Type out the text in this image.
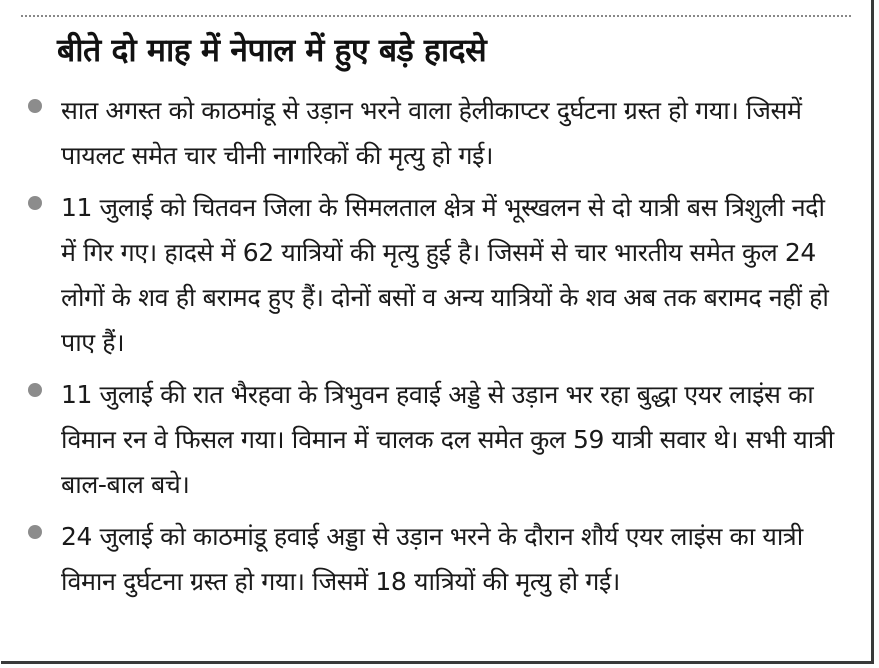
बीते दो माह में नेपाल में हुए बड़े हादसे
सात अगस्त को काठमांडू से उड़ान भरने वाला हेलीकाप्टर दुर्घटना ग्रस्त हो गया। जिसमें पायलट समेत चार चीनी नागरिकों की मृत्यु हो गई।
11 जुलाई को चितवन जिला के सिमलताल क्षेत्र में भूस्खलन से दो यात्री बस त्रिशुली नदी में गिर गए। हादसे में 62 यात्रियों की मृत्यु हुई है। जिसमें से चार भारतीय समेत कुल 24 लोगों के शव ही बरामद हुए हैं। दोनों बसों व अन्य यात्रियों के शव अब तक बरामद नहीं हो पाए हैं।
11 जुलाई की रात भैरहवा के त्रिभुवन हवाई अड्डे से उड़ान भर रहा बुद्धा एयर लाइंस का विमान रन वे फिसल गया। विमान में चालक दल समेत कुल 59 यात्री सवार थे। सभी यात्री बाल-बाल बचे।
24 जुलाई को काठमांडू हवाई अड्डा से उड़ान भरने के दौरान शौर्य एयर लाइंस का यात्री विमान दुर्घटना ग्रस्त हो गया। जिसमें 18 यात्रियों की मृत्यु हो गई।
